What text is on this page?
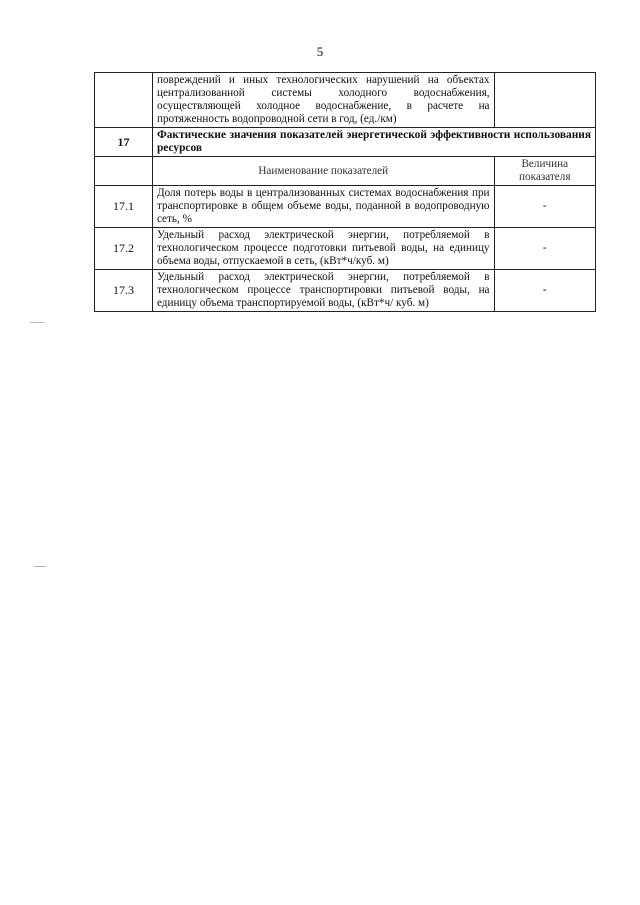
5
	повреждений и иных технологических нарушений на объектах централизованной системы холодного водоснабжения, осуществляющей холодное водоснабжение, в расчете на протяженность водопроводной сети в год, (ед./км)	
17	Фактические значения показателей энергетической эффективности использования ресурсов	
	Наименование показателей	Величина показателя
17.1	Доля потерь воды в централизованных системах водоснабжения при транспортировке в общем объеме воды, поданной в водопроводную сеть, %	-
17.2	Удельный расход электрической энергии, потребляемой в технологическом процессе подготовки питьевой воды, на единицу объема воды, отпускаемой в сеть, (кВт*ч/куб. м)	-
17.3	Удельный расход электрической энергии, потребляемой в технологическом процессе транспортировки питьевой воды, на единицу объема транспортируемой воды, (кВт*ч/ куб. м)	-
